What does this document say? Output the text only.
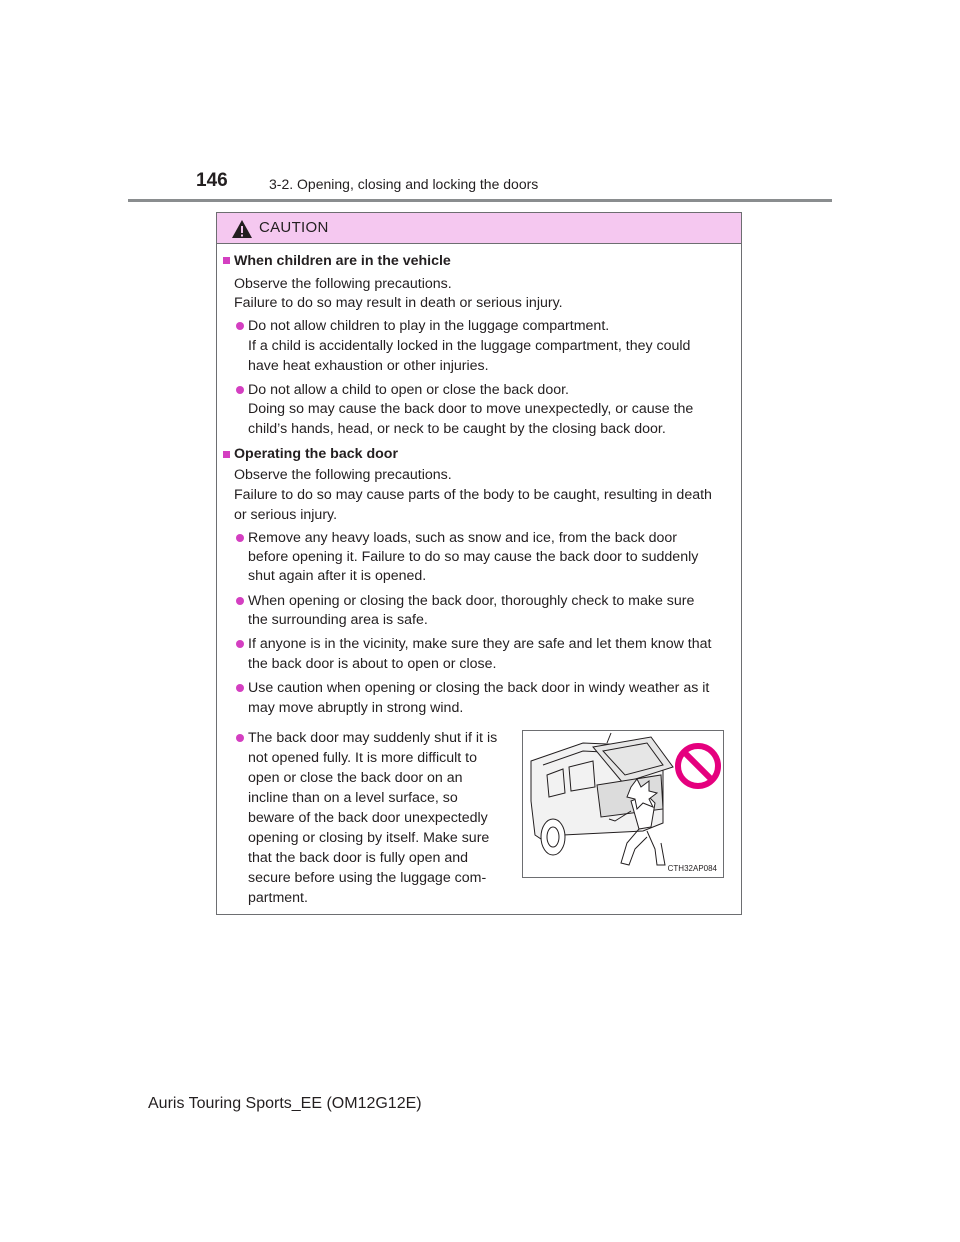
146	3-2. Opening, closing and locking the doors
CAUTION
When children are in the vehicle
Observe the following precautions.
Failure to do so may result in death or serious injury.
Do not allow children to play in the luggage compartment.
If a child is accidentally locked in the luggage compartment, they could
have heat exhaustion or other injuries.
Do not allow a child to open or close the back door.
Doing so may cause the back door to move unexpectedly, or cause the
child’s hands, head, or neck to be caught by the closing back door.
Operating the back door
Observe the following precautions.
Failure to do so may cause parts of the body to be caught, resulting in death
or serious injury.
Remove any heavy loads, such as snow and ice, from the back door
before opening it. Failure to do so may cause the back door to suddenly
shut again after it is opened.
When opening or closing the back door, thoroughly check to make sure
the surrounding area is safe.
If anyone is in the vicinity, make sure they are safe and let them know that
the back door is about to open or close.
Use caution when opening or closing the back door in windy weather as it
may move abruptly in strong wind.
The back door may suddenly shut if it is
not opened fully. It is more difficult to
open or close the back door on an
incline than on a level surface, so
beware of the back door unexpectedly
opening or closing by itself. Make sure
that the back door is fully open and
secure before using the luggage com-
partment.
CTH32AP084
Auris Touring Sports_EE (OM12G12E)
